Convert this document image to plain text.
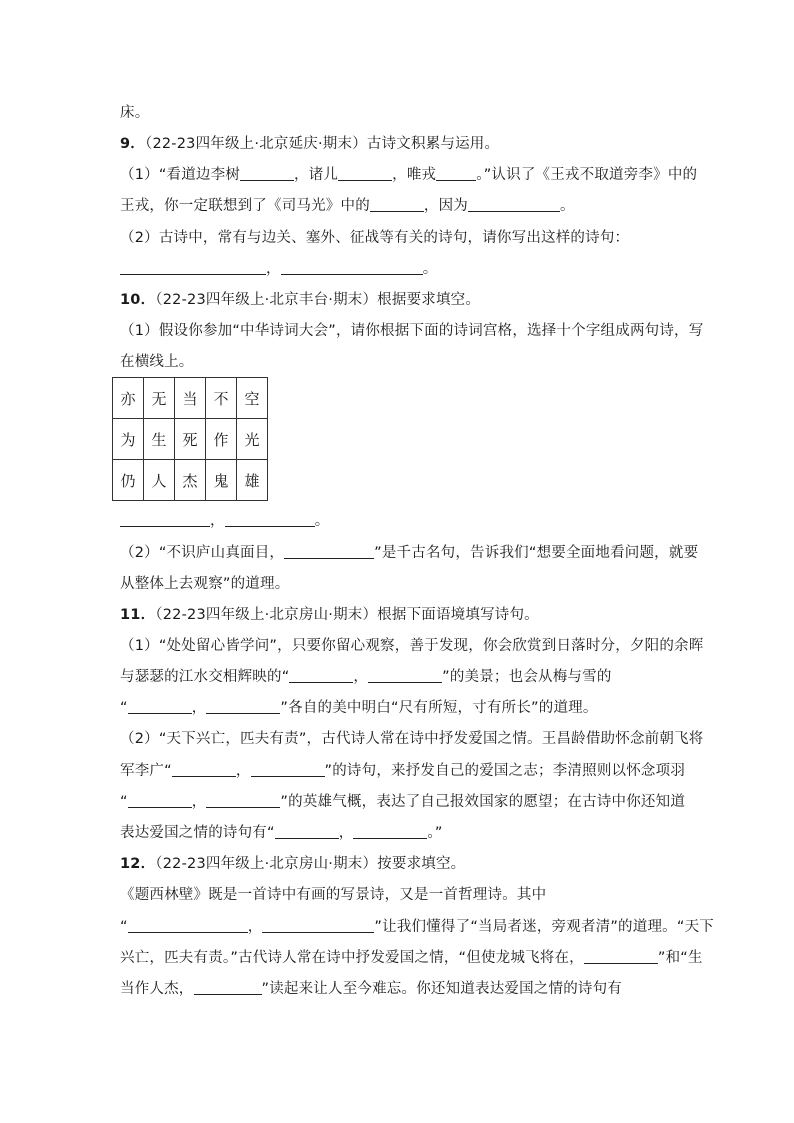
床。
9．（22-23四年级上·北京延庆·期末）古诗文积累与运用。
（1）“看道边李树	，诸儿	，唯戎	。”认识了《王戎不取道旁李》中的
王戎，你一定联想到了《司马光》中的	，因为	。
（2）古诗中，常有与边关、塞外、征战等有关的诗句，请你写出这样的诗句：
，	。
10．（22-23四年级上·北京丰台·期末）根据要求填空。
（1）假设你参加“中华诗词大会”，请你根据下面的诗词宫格，选择十个字组成两句诗，写
在横线上。
亦	无	当	不	空
为	生	死	作	光
仍	人	杰	鬼	雄
，	。
（2）“不识庐山真面目，	”是千古名句，告诉我们“想要全面地看问题，就要
从整体上去观察”的道理。
11．（22-23四年级上·北京房山·期末）根据下面语境填写诗句。
（1）“处处留心皆学问”，只要你留心观察，善于发现，你会欣赏到日落时分，夕阳的余晖
与瑟瑟的江水交相辉映的“	，	”的美景；也会从梅与雪的
“	，	”各自的美中明白“尺有所短，寸有所长”的道理。
（2）“天下兴亡，匹夫有责”，古代诗人常在诗中抒发爱国之情。王昌龄借助怀念前朝飞将
军李广“	，	”的诗句，来抒发自己的爱国之志；李清照则以怀念项羽
“	，	”的英雄气概，表达了自己报效国家的愿望；在古诗中你还知道
表达爱国之情的诗句有“	，	。”
12．（22-23四年级上·北京房山·期末）按要求填空。
《题西林壁》既是一首诗中有画的写景诗，又是一首哲理诗。其中
“	，	”让我们懂得了“当局者迷，旁观者清”的道理。“天下
兴亡，匹夫有责。”古代诗人常在诗中抒发爱国之情，“但使龙城飞将在，	”和“生
当作人杰，	”读起来让人至今难忘。你还知道表达爱国之情的诗句有
